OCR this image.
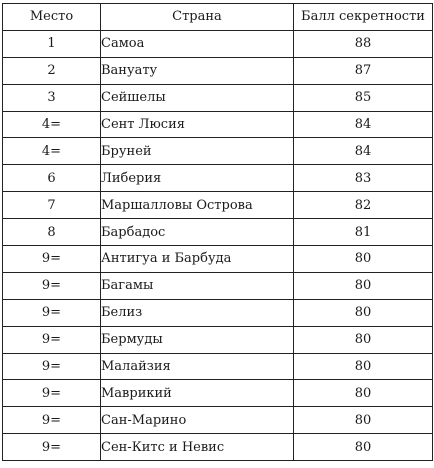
Место	Страна	Балл секретности
1	Самоа	88
2	Вануату	87
3	Сейшелы	85
4=	Сент Люсия	84
4=	Бруней	84
6	Либерия	83
7	Маршалловы Острова	82
8	Барбадос	81
9=	Антигуа и Барбуда	80
9=	Багамы	80
9=	Белиз	80
9=	Бермуды	80
9=	Малайзия	80
9=	Маврикий	80
9=	Сан-Марино	80
9=	Сен-Китс и Невис	80
